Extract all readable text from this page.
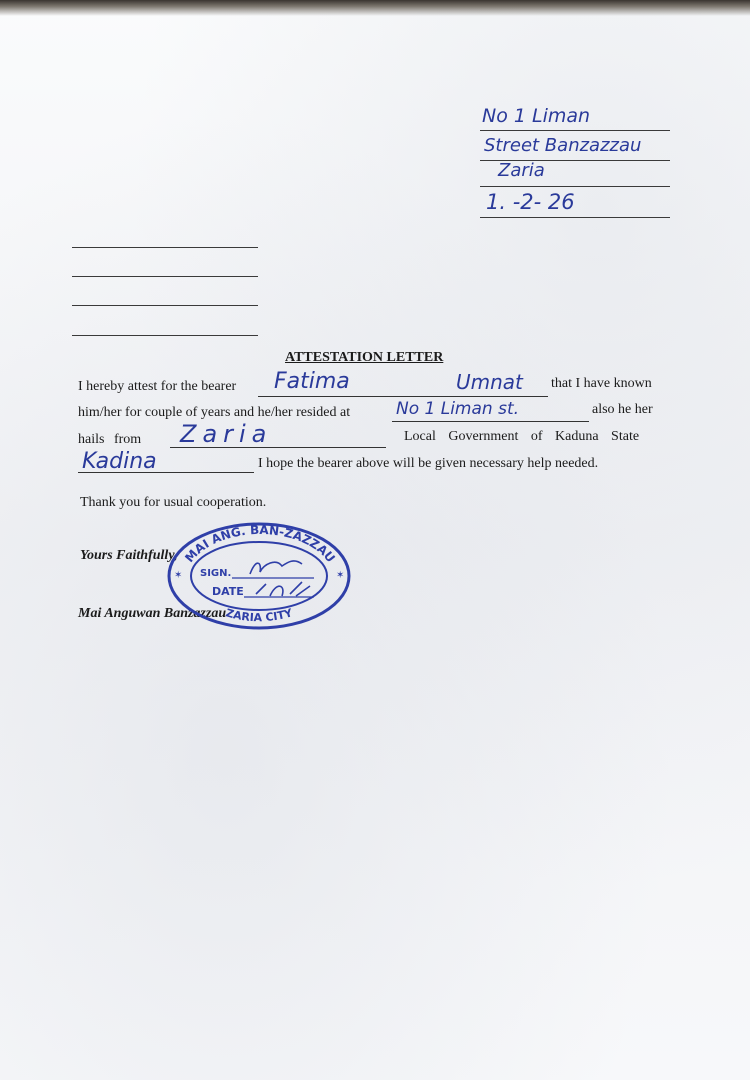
No 1 Liman
Street Banzazzau
Zaria
1. -2- 26
ATTESTATION LETTER
I hereby attest for the bearer Fatima	Umnat that I have known
him/her for couple of years and he/her resided at	No 1 Liman st.	also he her
hails from Zaria	Local Government of Kaduna State
Kadina	I hope the bearer above will be given necessary help needed.
Thank you for usual cooperation.
Yours Faithfully,
Mai Anguwan Banzazzau
MAI ANG. BAN-ZAZZAU
ZARIA CITY
SIGN.
DATE
✶	✶
